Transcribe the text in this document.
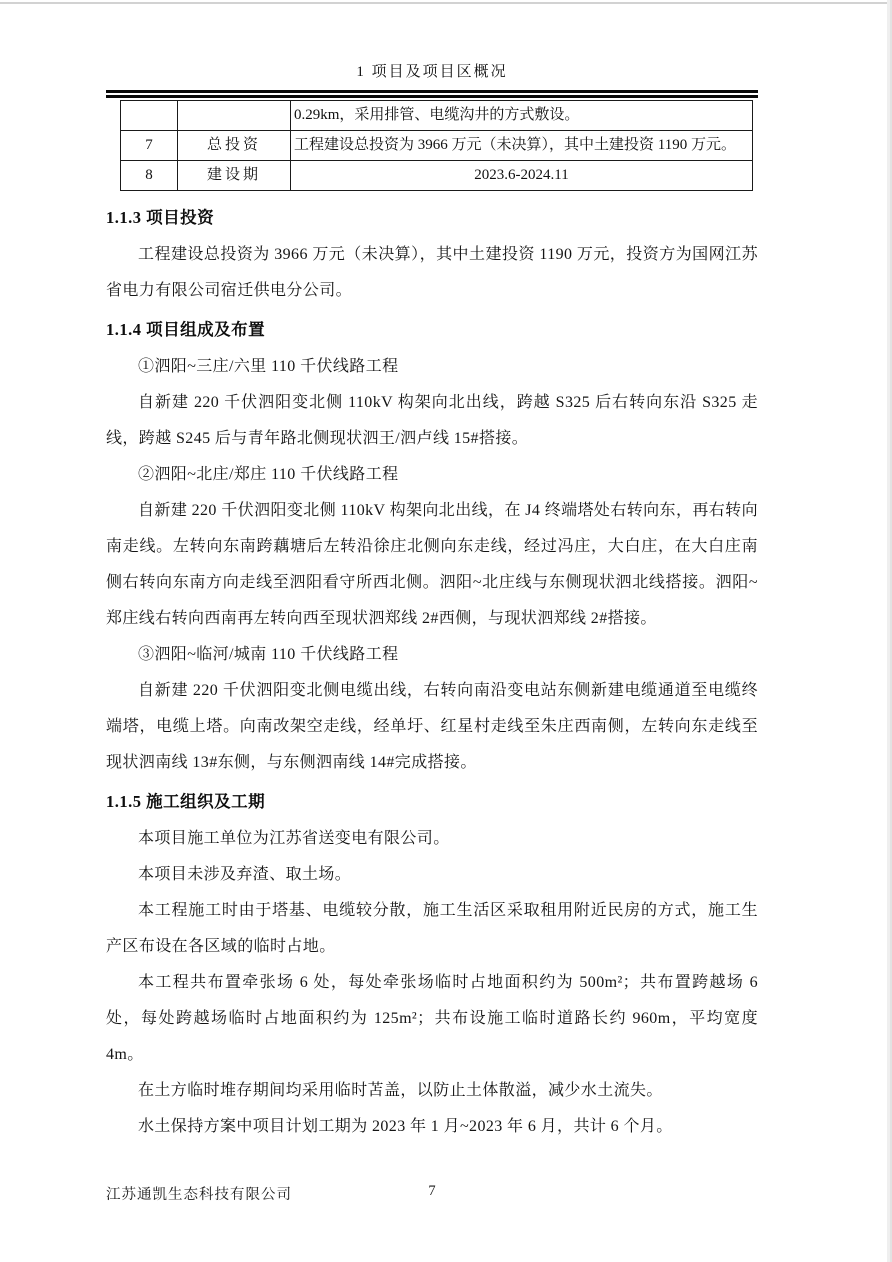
1 项目及项目区概况
		0.29km，采用排管、电缆沟井的方式敷设。
7	总投资	工程建设总投资为 3966 万元（未决算），其中土建投资 1190 万元。
8	建设期	2023.6-2024.11
1.1.3 项目投资

工程建设总投资为 3966 万元（未决算），其中土建投资 1190 万元，投资方为国网江苏省电力有限公司宿迁供电分公司。

1.1.4 项目组成及布置

①泗阳~三庄/六里 110 千伏线路工程

自新建 220 千伏泗阳变北侧 110kV 构架向北出线，跨越 S325 后右转向东沿 S325 走线，跨越 S245 后与青年路北侧现状泗王/泗卢线 15#搭接。

②泗阳~北庄/郑庄 110 千伏线路工程

自新建 220 千伏泗阳变北侧 110kV 构架向北出线，在 J4 终端塔处右转向东，再右转向南走线。左转向东南跨藕塘后左转沿徐庄北侧向东走线，经过冯庄，大白庄，在大白庄南侧右转向东南方向走线至泗阳看守所西北侧。泗阳~北庄线与东侧现状泗北线搭接。泗阳~郑庄线右转向西南再左转向西至现状泗郑线 2#西侧，与现状泗郑线 2#搭接。

③泗阳~临河/城南 110 千伏线路工程

自新建 220 千伏泗阳变北侧电缆出线，右转向南沿变电站东侧新建电缆通道至电缆终端塔，电缆上塔。向南改架空走线，经单圩、红星村走线至朱庄西南侧，左转向东走线至现状泗南线 13#东侧，与东侧泗南线 14#完成搭接。

1.1.5 施工组织及工期

本项目施工单位为江苏省送变电有限公司。

本项目未涉及弃渣、取土场。

本工程施工时由于塔基、电缆较分散，施工生活区采取租用附近民房的方式，施工生产区布设在各区域的临时占地。

本工程共布置牵张场 6 处，每处牵张场临时占地面积约为 500m²；共布置跨越场 6 处，每处跨越场临时占地面积约为 125m²；共布设施工临时道路长约 960m，平均宽度 4m。

在土方临时堆存期间均采用临时苫盖，以防止土体散溢，减少水土流失。

水土保持方案中项目计划工期为 2023 年 1 月~2023 年 6 月，共计 6 个月。

7
江苏通凯生态科技有限公司
